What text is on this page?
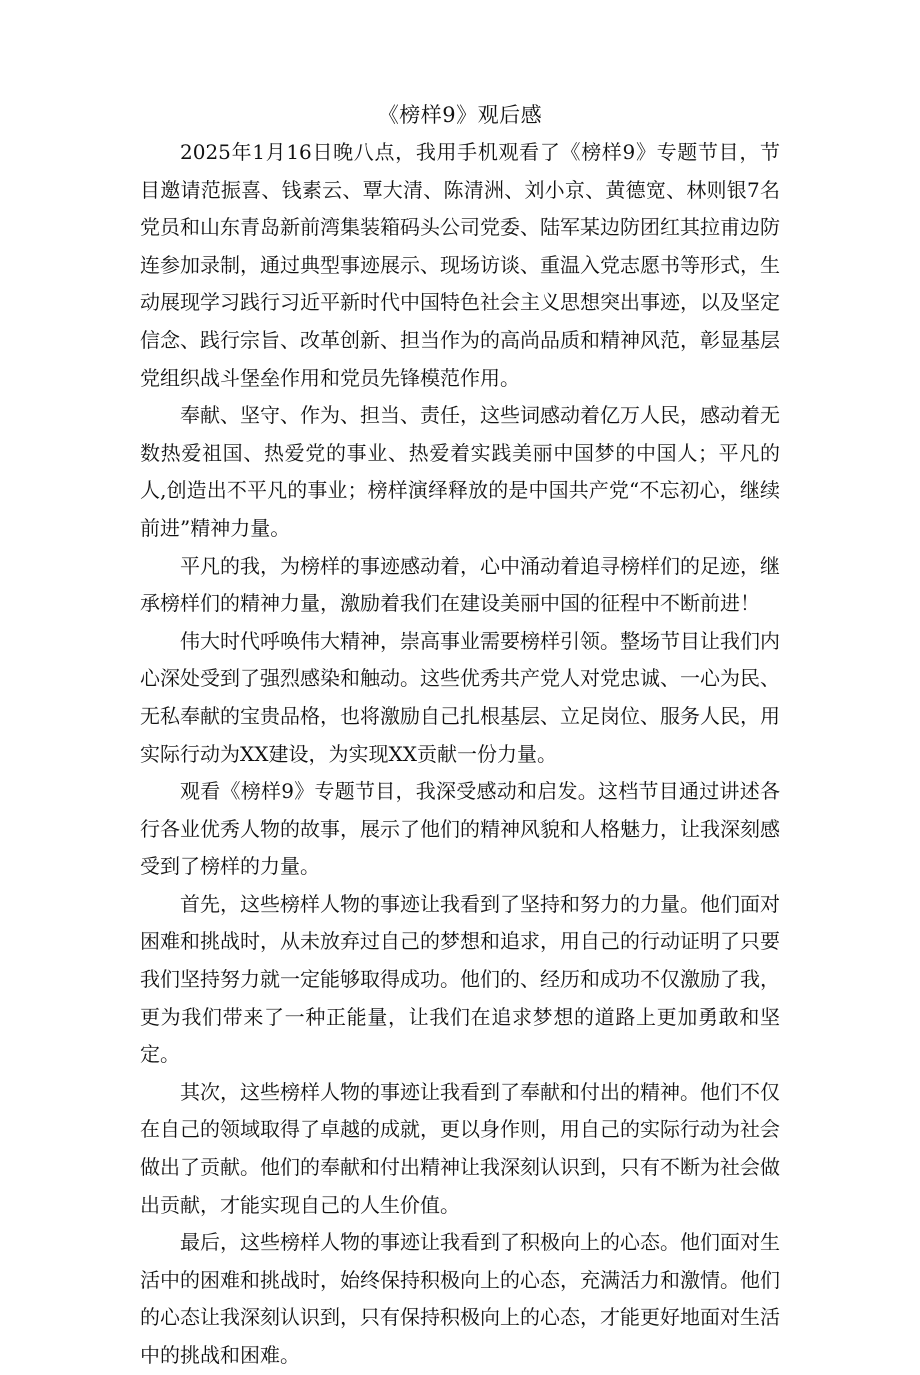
《榜样9》观后感

2025年1月16日晚八点，我用手机观看了《榜样9》专题节目，节目邀请范振喜、钱素云、覃大清、陈清洲、刘小京、黄德宽、林则银7名党员和山东青岛新前湾集装箱码头公司党委、陆军某边防团红其拉甫边防连参加录制，通过典型事迹展示、现场访谈、重温入党志愿书等形式，生动展现学习践行习近平新时代中国特色社会主义思想突出事迹，以及坚定信念、践行宗旨、改革创新、担当作为的高尚品质和精神风范，彰显基层党组织战斗堡垒作用和党员先锋模范作用。

奉献、坚守、作为、担当、责任，这些词感动着亿万人民，感动着无数热爱祖国、热爱党的事业、热爱着实践美丽中国梦的中国人；平凡的人,创造出不平凡的事业；榜样演绎释放的是中国共产党“不忘初心，继续前进”精神力量。

平凡的我，为榜样的事迹感动着，心中涌动着追寻榜样们的足迹，继承榜样们的精神力量，激励着我们在建设美丽中国的征程中不断前进！

伟大时代呼唤伟大精神，崇高事业需要榜样引领。整场节目让我们内心深处受到了强烈感染和触动。这些优秀共产党人对党忠诚、一心为民、无私奉献的宝贵品格，也将激励自己扎根基层、立足岗位、服务人民，用实际行动为XX建设，为实现XX贡献一份力量。

观看《榜样9》专题节目，我深受感动和启发。这档节目通过讲述各行各业优秀人物的故事，展示了他们的精神风貌和人格魅力，让我深刻感受到了榜样的力量。

首先，这些榜样人物的事迹让我看到了坚持和努力的力量。他们面对困难和挑战时，从未放弃过自己的梦想和追求，用自己的行动证明了只要我们坚持努力就一定能够取得成功。他们的、经历和成功不仅激励了我，更为我们带来了一种正能量，让我们在追求梦想的道路上更加勇敢和坚定。

其次，这些榜样人物的事迹让我看到了奉献和付出的精神。他们不仅在自己的领域取得了卓越的成就，更以身作则，用自己的实际行动为社会做出了贡献。他们的奉献和付出精神让我深刻认识到，只有不断为社会做出贡献，才能实现自己的人生价值。

最后，这些榜样人物的事迹让我看到了积极向上的心态。他们面对生活中的困难和挑战时，始终保持积极向上的心态，充满活力和激情。他们的心态让我深刻认识到，只有保持积极向上的心态，才能更好地面对生活中的挑战和困难。
